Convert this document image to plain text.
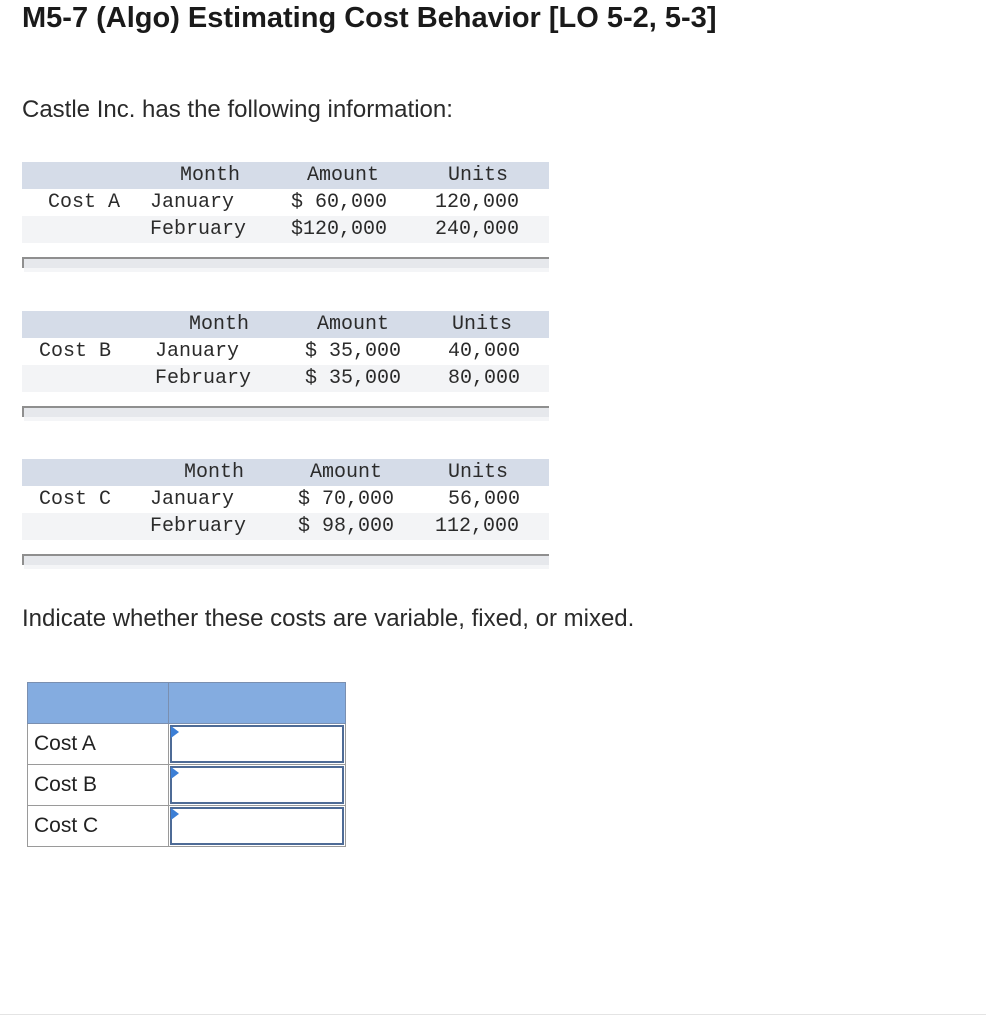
M5-7 (Algo) Estimating Cost Behavior [LO 5-2, 5-3]
Castle Inc. has the following information:
Month	Amount	Units
Cost A January	$ 60,000 120,000
February $120,000 240,000
Month	Amount	Units
Cost B January	$ 35,000 40,000
February	$ 35,000 80,000
Month	Amount	Units
Cost C January	$ 70,000	56,000
February	$ 98,000 112,000
Indicate whether these costs are variable, fixed, or mixed.

Cost A	

Cost B	

Cost C	
